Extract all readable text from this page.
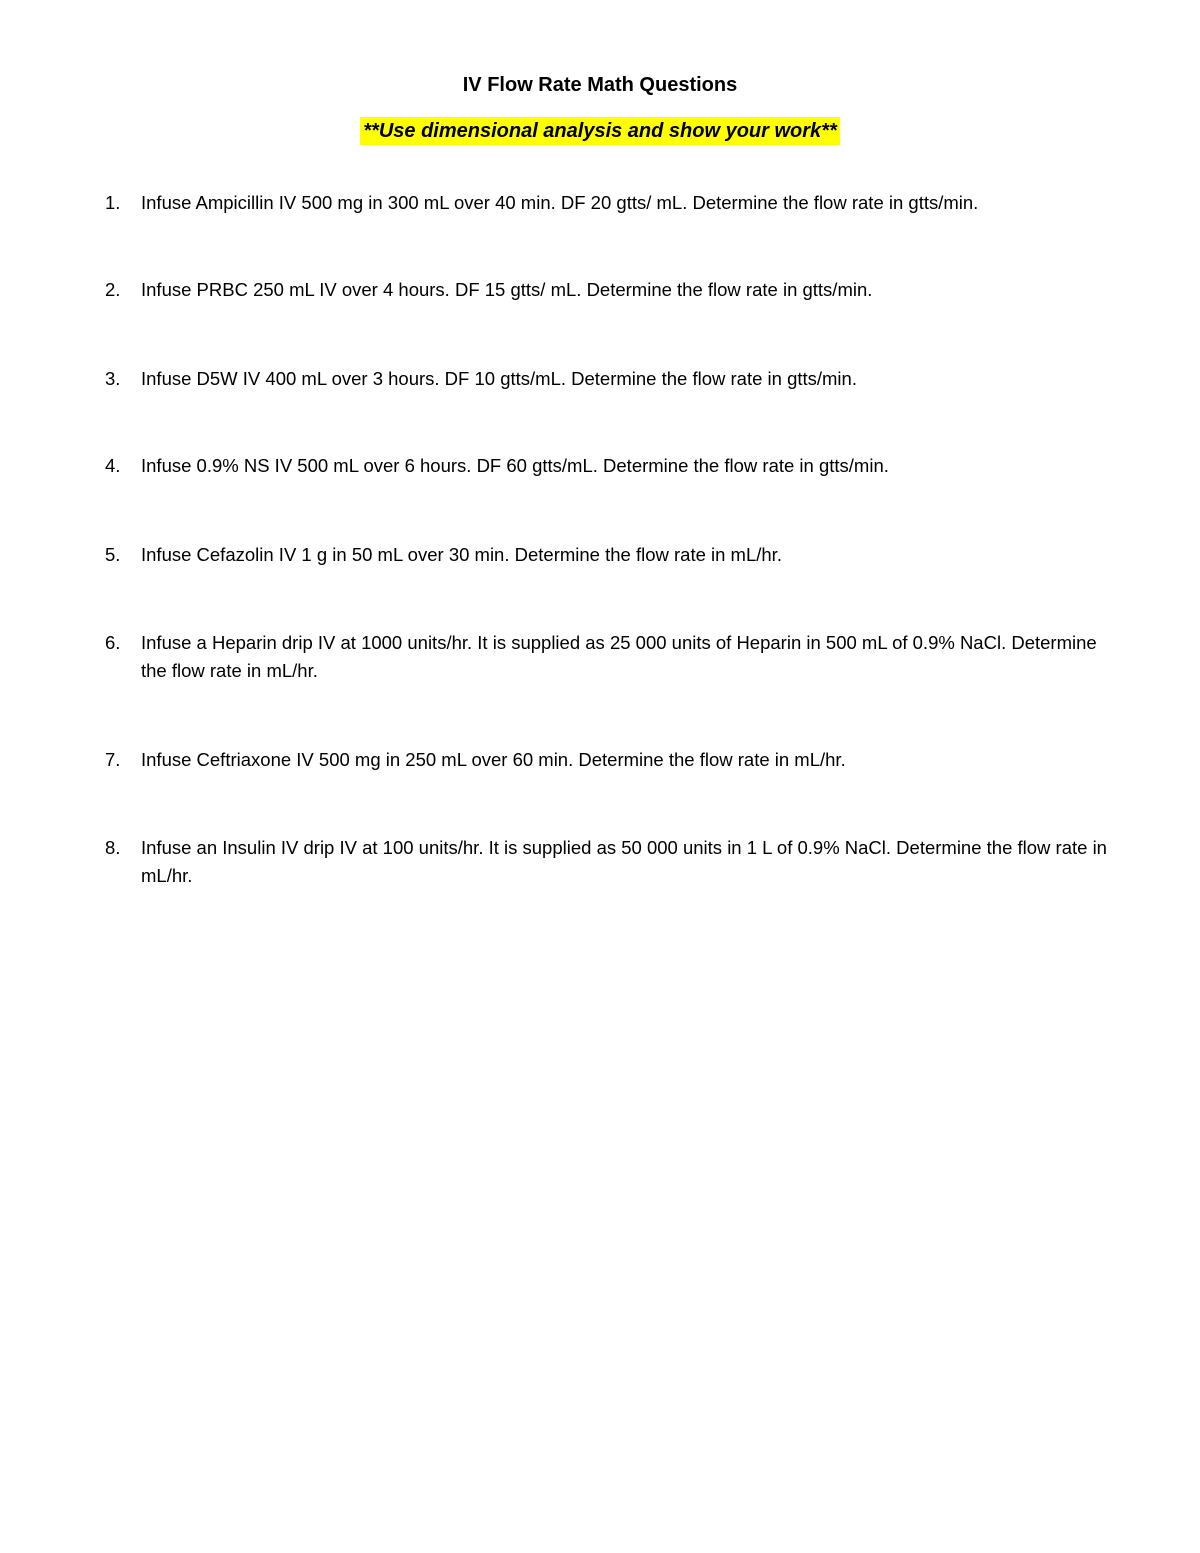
IV Flow Rate Math Questions
**Use dimensional analysis and show your work**
1.	Infuse Ampicillin IV 500 mg in 300 mL over 40 min. DF 20 gtts/ mL. Determine the flow rate in gtts/min.
2.	Infuse PRBC 250 mL IV over 4 hours. DF 15 gtts/ mL. Determine the flow rate in gtts/min.
3.	Infuse D5W IV 400 mL over 3 hours. DF 10 gtts/mL. Determine the flow rate in gtts/min.
4.	Infuse 0.9% NS IV 500 mL over 6 hours. DF 60 gtts/mL. Determine the flow rate in gtts/min.
5.	Infuse Cefazolin IV 1 g in 50 mL over 30 min. Determine the flow rate in mL/hr.
6.	Infuse a Heparin drip IV at 1000 units/hr. It is supplied as 25 000 units of Heparin in 500 mL of 0.9% NaCl. Determine the flow rate in mL/hr.
7.	Infuse Ceftriaxone IV 500 mg in 250 mL over 60 min. Determine the flow rate in mL/hr.
8.	Infuse an Insulin IV drip IV at 100 units/hr. It is supplied as 50 000 units in 1 L of 0.9% NaCl. Determine the flow rate in mL/hr.
